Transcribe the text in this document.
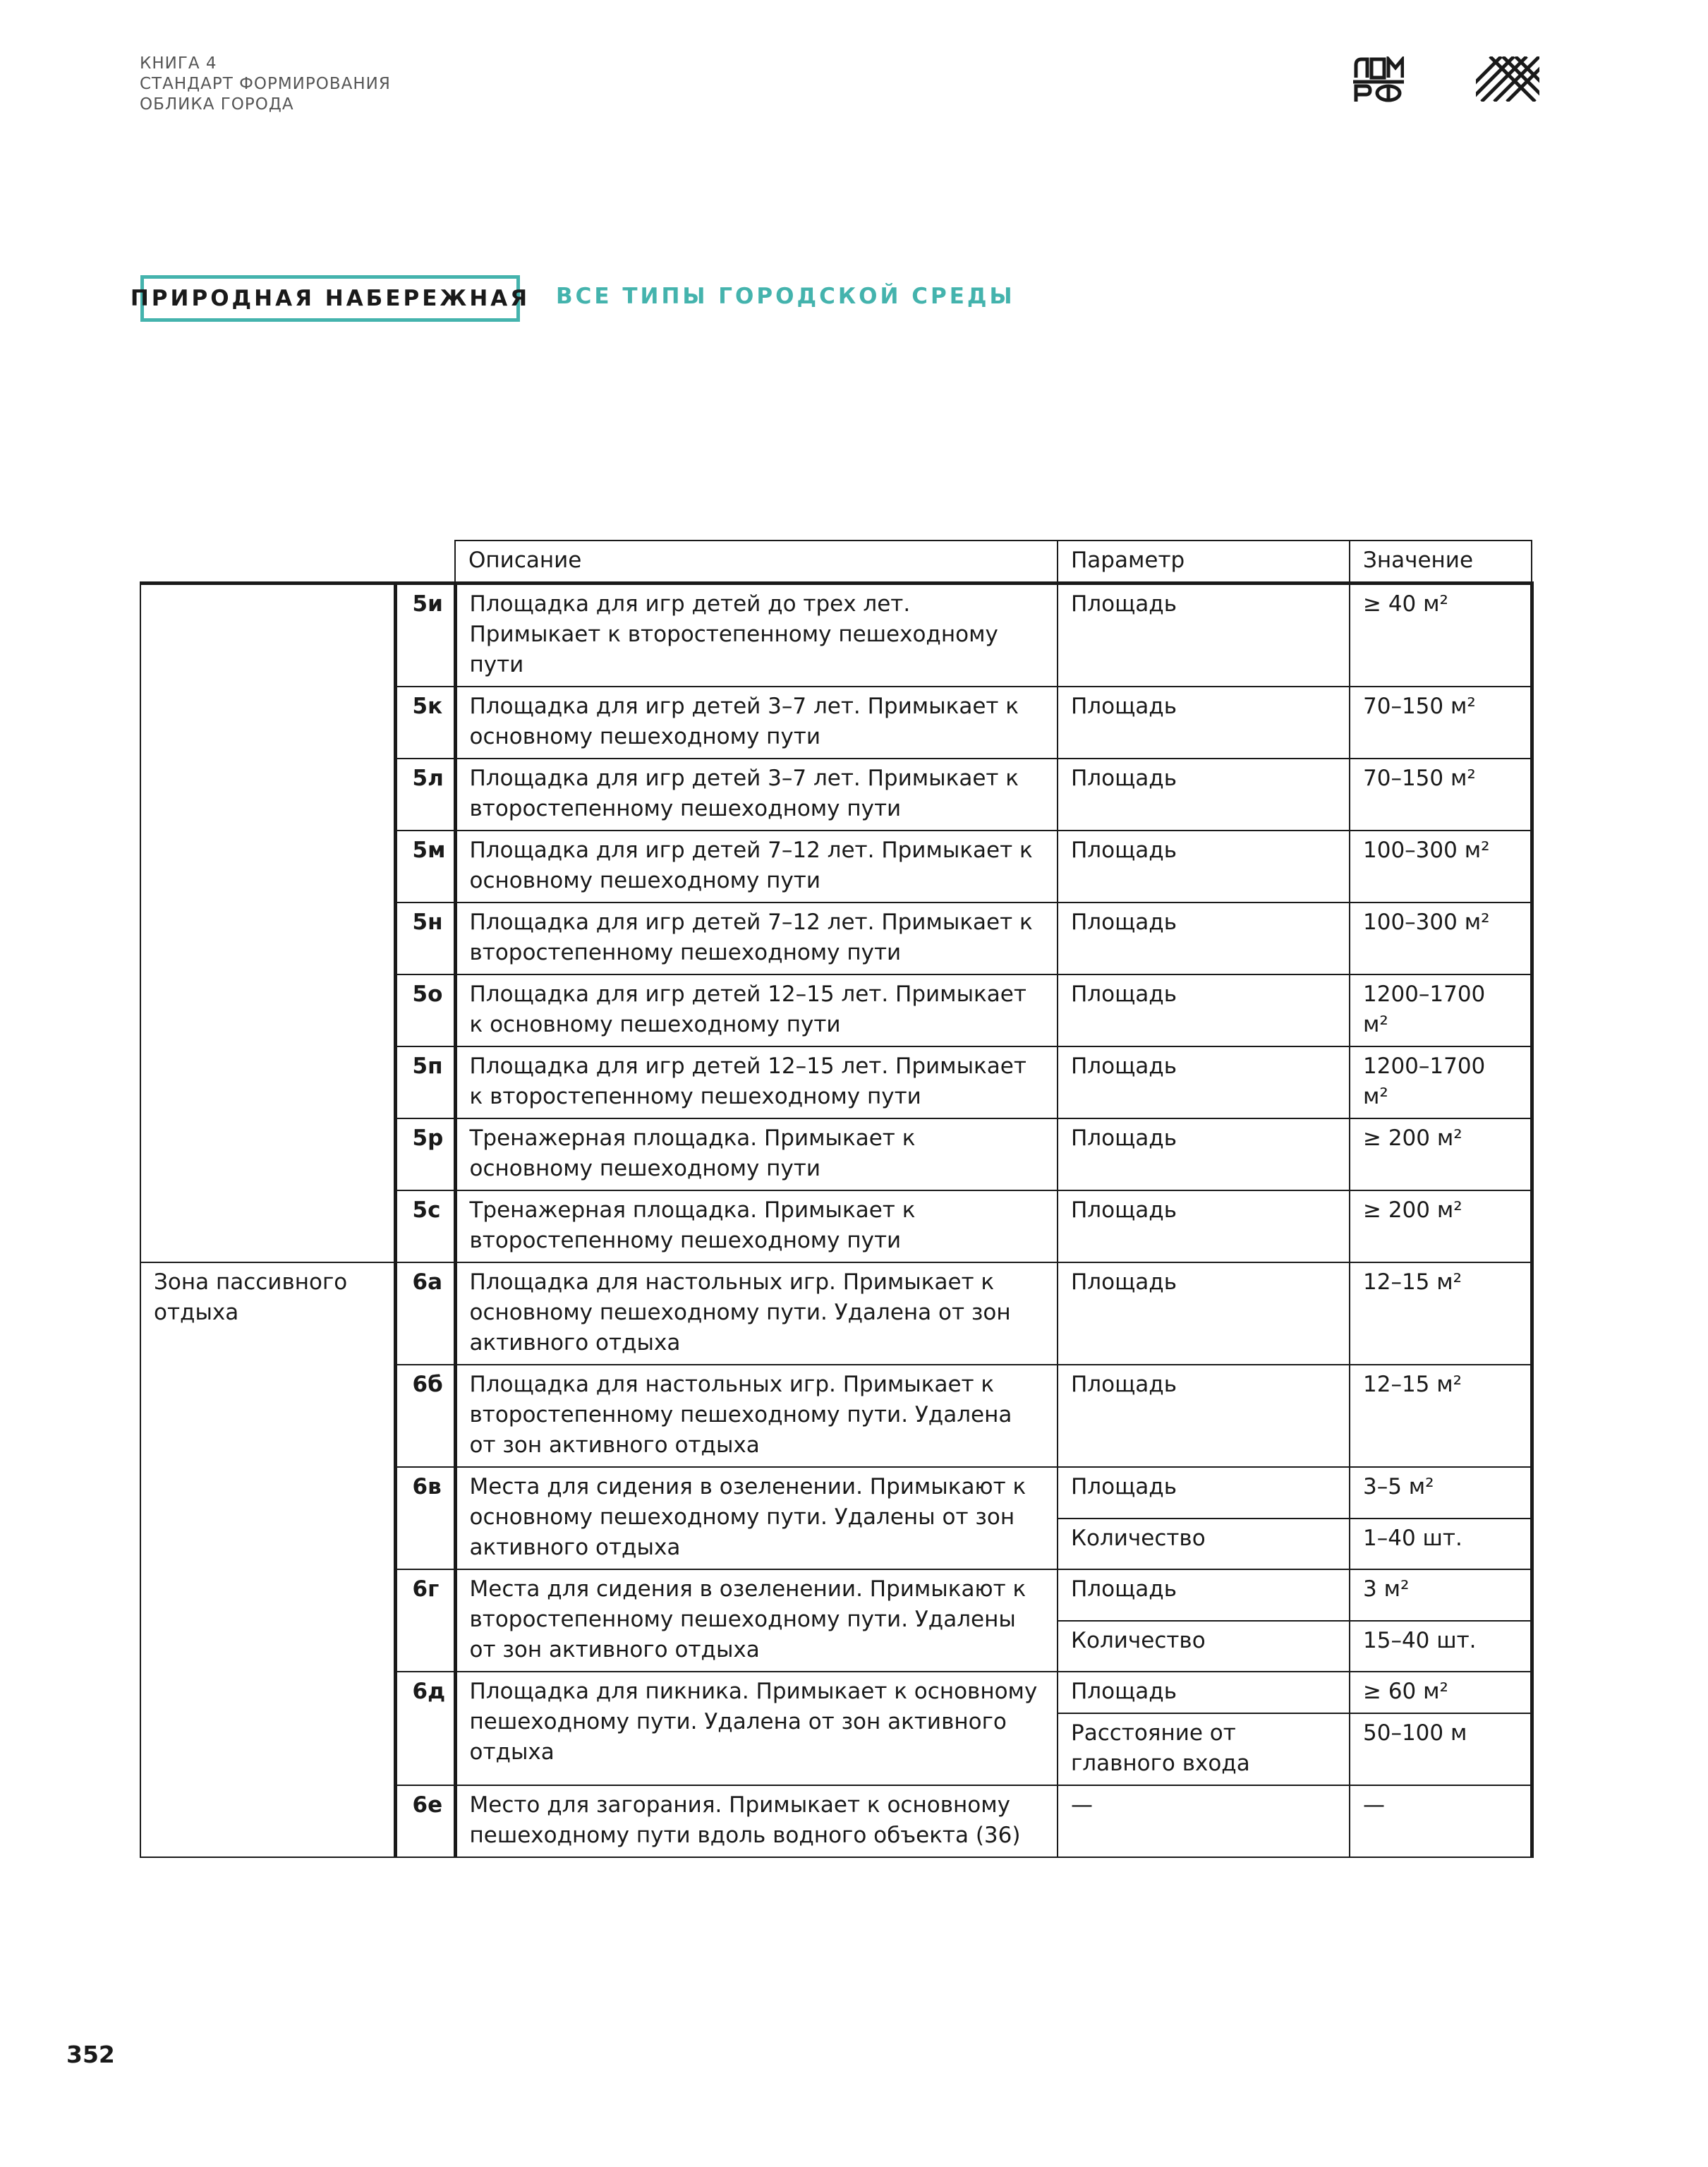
КНИГА 4
СТАНДАРТ ФОРМИРОВАНИЯ
ОБЛИКА ГОРОДА
ПРИРОДНАЯ НАБЕРЕЖНАЯ ВСЕ ТИПЫ ГОРОДСКОЙ СРЕДЫ
		Описание	Параметр	Значение
	5и	Площадка для игр детей до трех лет. Примыкает к второстепенному пешеходному пути	Площадь	≥ 40 м²
	5к	Площадка для игр детей 3–7 лет. Примыкает к основному пешеходному пути	Площадь	70–150 м²
	5л	Площадка для игр детей 3–7 лет. Примыкает к второстепенному пешеходному пути	Площадь	70–150 м²
	5м	Площадка для игр детей 7–12 лет. Примыкает к основному пешеходному пути	Площадь	100–300 м²
	5н	Площадка для игр детей 7–12 лет. Примыкает к второстепенному пешеходному пути	Площадь	100–300 м²
	5о	Площадка для игр детей 12–15 лет. Примыкает к основному пешеходному пути	Площадь	1200–1700 м²
	5п	Площадка для игр детей 12–15 лет. Примыкает к второстепенному пешеходному пути	Площадь	1200–1700 м²
	5р	Тренажерная площадка. Примыкает к основному пешеходному пути	Площадь	≥ 200 м²
	5с	Тренажерная площадка. Примыкает к второстепенному пешеходному пути	Площадь	≥ 200 м²
Зона пассивного отдыха	6а	Площадка для настольных игр. Примыкает к основному пешеходному пути. Удалена от зон активного отдыха	Площадь	12–15 м²
	6б	Площадка для настольных игр. Примыкает к второстепенному пешеходному пути. Удалена от зон активного отдыха	Площадь	12–15 м²
	6в	Места для сидения в озеленении. Примыкают к основному пешеходному пути. Удалены от зон активного отдыха	Площадь	3–5 м²
			Количество	1–40 шт.
	6г	Места для сидения в озеленении. Примыкают к второстепенному пешеходному пути. Удалены от зон активного отдыха	Площадь	3 м²
			Количество	15–40 шт.
	6д	Площадка для пикника. Примыкает к основному пешеходному пути. Удалена от зон активного отдыха	Площадь	≥ 60 м²
			Расстояние от главного входа	50–100 м
	6е	Место для загорания. Примыкает к основному пешеходному пути вдоль водного объекта (36)	—	—
352
